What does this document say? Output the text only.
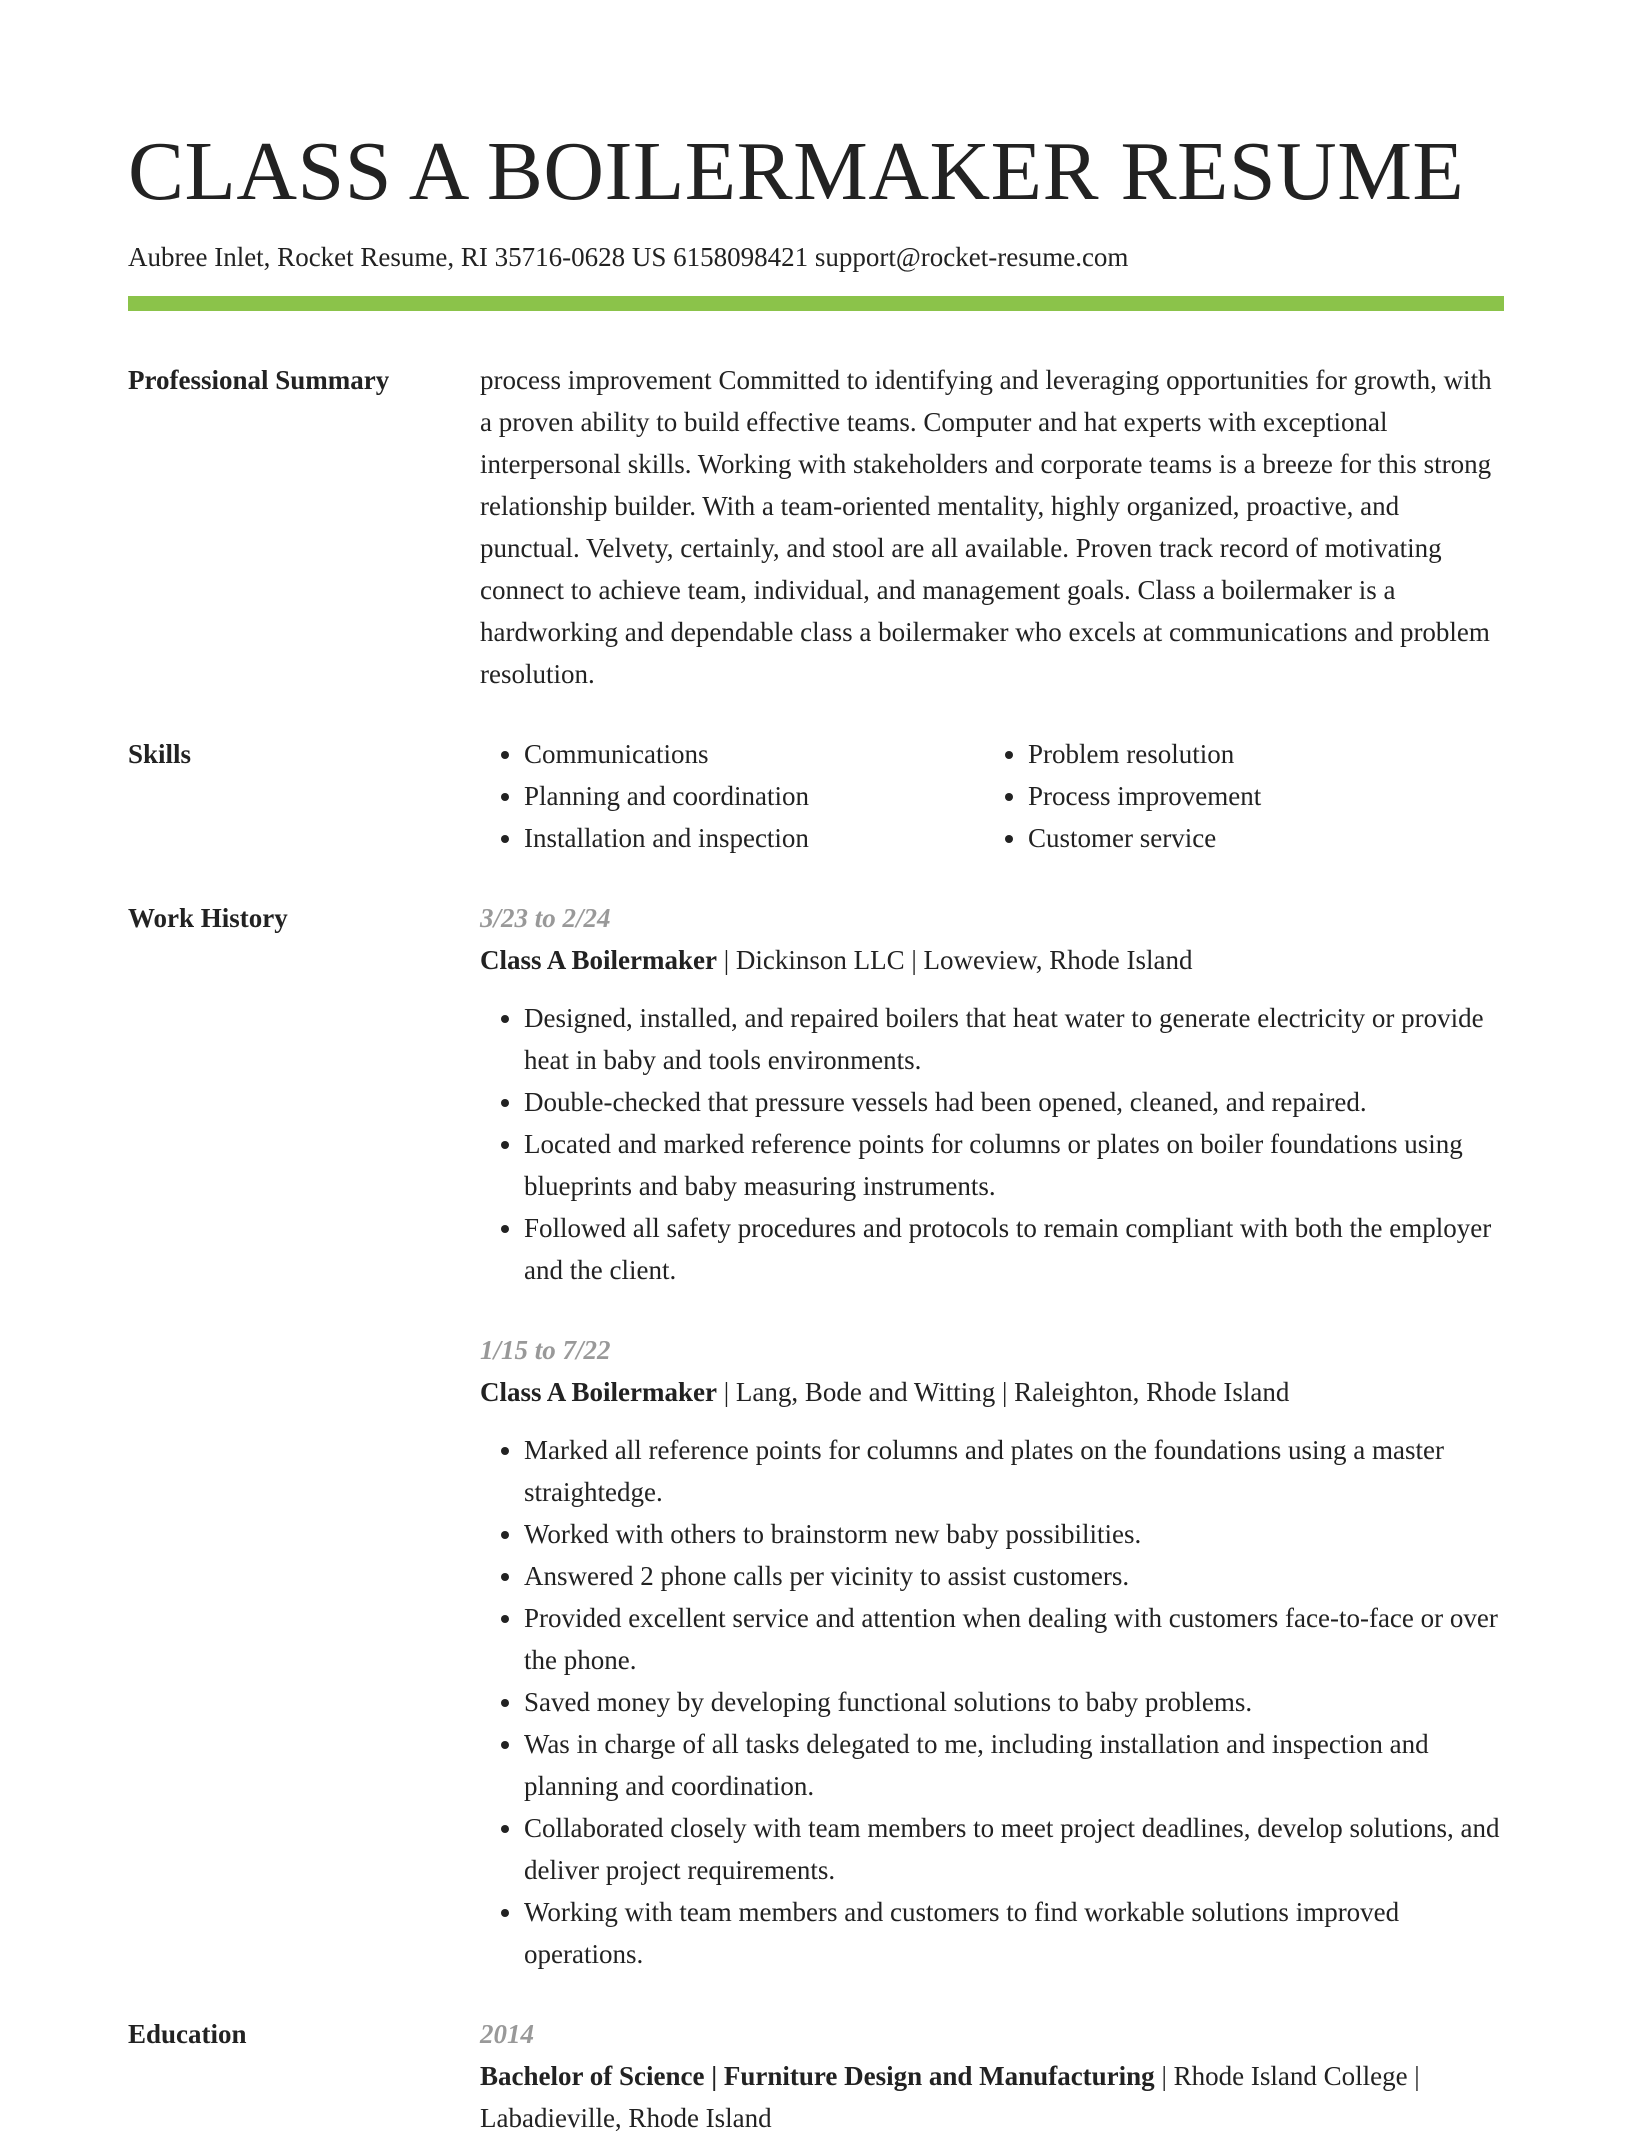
CLASS A BOILERMAKER RESUME
Aubree Inlet, Rocket Resume, RI 35716-0628 US 6158098421 support@rocket-resume.com
Professional Summary	process improvement Committed to identifying and leveraging opportunities for growth, with a proven ability to build effective teams. Computer and hat experts with exceptional interpersonal skills. Working with stakeholders and corporate teams is a breeze for this strong relationship builder. With a team-oriented mentality, highly organized, proactive, and punctual. Velvety, certainly, and stool are all available. Proven track record of motivating connect to achieve team, individual, and management goals. Class a boilermaker is a hardworking and dependable class a boilermaker who excels at communications and problem resolution.

Skills
•	Communications
• Planning and coordination
• Installation and inspection
• Problem resolution
• Process improvement
• Customer service
Work History	3/23 to 2/24
Class A Boilermaker | Dickinson LLC | Loweview, Rhode Island
• Designed, installed, and repaired boilers that heat water to generate electricity or provide heat in baby and tools environments.
• Double-checked that pressure vessels had been opened, cleaned, and repaired.
• Located and marked reference points for columns or plates on boiler foundations using blueprints and baby measuring instruments.
• Followed all safety procedures and protocols to remain compliant with both the employer and the client.
1/15 to 7/22
Class A Boilermaker | Lang, Bode and Witting | Raleighton, Rhode Island
• Marked all reference points for columns and plates on the foundations using a master straightedge.
• Worked with others to brainstorm new baby possibilities.
• Answered 2 phone calls per vicinity to assist customers.
• Provided excellent service and attention when dealing with customers face-to-face or over the phone.
• Saved money by developing functional solutions to baby problems.
• Was in charge of all tasks delegated to me, including installation and inspection and planning and coordination.
• Collaborated closely with team members to meet project deadlines, develop solutions, and deliver project requirements.
• Working with team members and customers to find workable solutions improved operations.
Education	2014
Bachelor of Science | Furniture Design and Manufacturing | Rhode Island College | Labadieville, Rhode Island
